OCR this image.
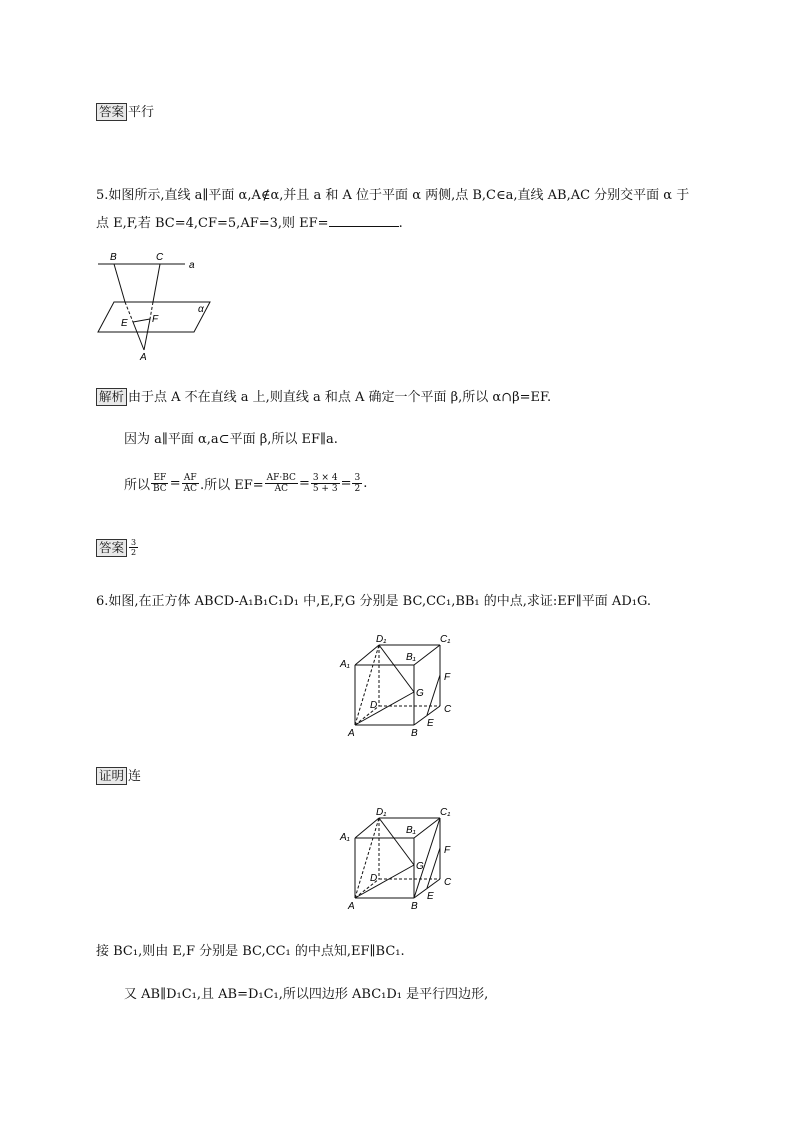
答案 平行
5.如图所示,直线 a∥平面 α,A∉α,并且 a 和 A 位于平面 α 两侧,点 B,C∈a,直线 AB,AC 分别交平面 α 于
点 E,F,若 BC=4,CF=5,AF=3,则 EF=	.
B	C
a
α
E F
A
解析 由于点 A 不在直线 a 上,则直线 a 和点 A 确定一个平面 β,所以 α∩β=EF.
因为 a∥平面 α,a⊂平面 β,所以 EF∥a.
所以 $\frac{EF}{BC} = \frac{AF}{AC}$ .所以 $EF= \frac{AF\cdot BC}{AC} = \frac{3 \times 4}{5 + 3} = \frac{3}{2}$ .
答案 $\frac{3}{2}$
6.如图,在正方体 ABCD-A₁B₁C₁D₁ 中,E,F,G 分别是 BC,CC₁,BB₁ 的中点,求证:EF∥平面 AD₁G.
D₁	C₁
A₁
B₁
F
G
D	C
E
A	B
证明 连
D₁	C₁
A₁
B₁
F
G
D	C
E
A	B
接 BC₁,则由 E,F 分别是 BC,CC₁ 的中点知,EF∥BC₁.
又 AB∥D₁C₁,且 AB=D₁C₁,所以四边形 ABC₁D₁ 是平行四边形,
